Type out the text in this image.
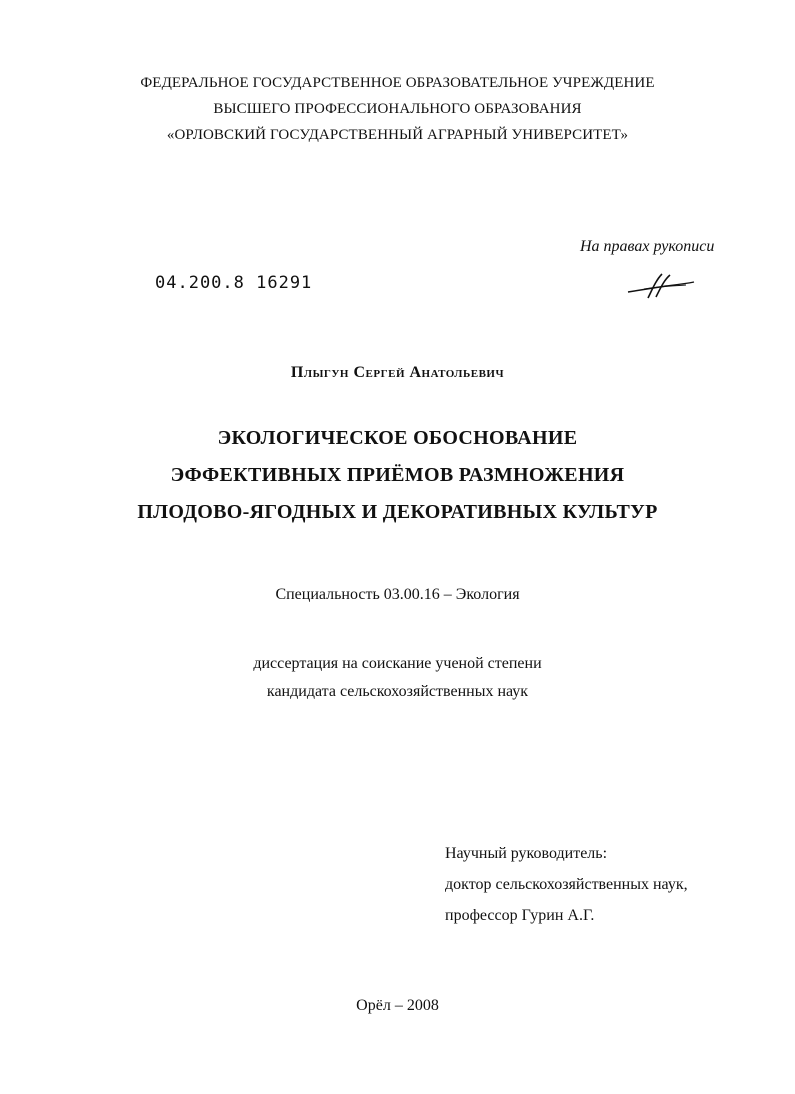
ФЕДЕРАЛЬНОЕ ГОСУДАРСТВЕННОЕ ОБРАЗОВАТЕЛЬНОЕ УЧРЕЖДЕНИЕ
ВЫСШЕГО ПРОФЕССИОНАЛЬНОГО ОБРАЗОВАНИЯ
«ОРЛОВСКИЙ ГОСУДАРСТВЕННЫЙ АГРАРНЫЙ УНИВЕРСИТЕТ»
На правах рукописи
04.200.8 16291
Плыгун Сергей Анатольевич
ЭКОЛОГИЧЕСКОЕ ОБОСНОВАНИЕ
ЭФФЕКТИВНЫХ ПРИЁМОВ РАЗМНОЖЕНИЯ
ПЛОДОВО-ЯГОДНЫХ И ДЕКОРАТИВНЫХ КУЛЬТУР
Специальность 03.00.16 – Экология
диссертация на соискание ученой степени
кандидата сельскохозяйственных наук
Научный руководитель:
доктор сельскохозяйственных наук,
профессор Гурин А.Г.
Орёл – 2008
